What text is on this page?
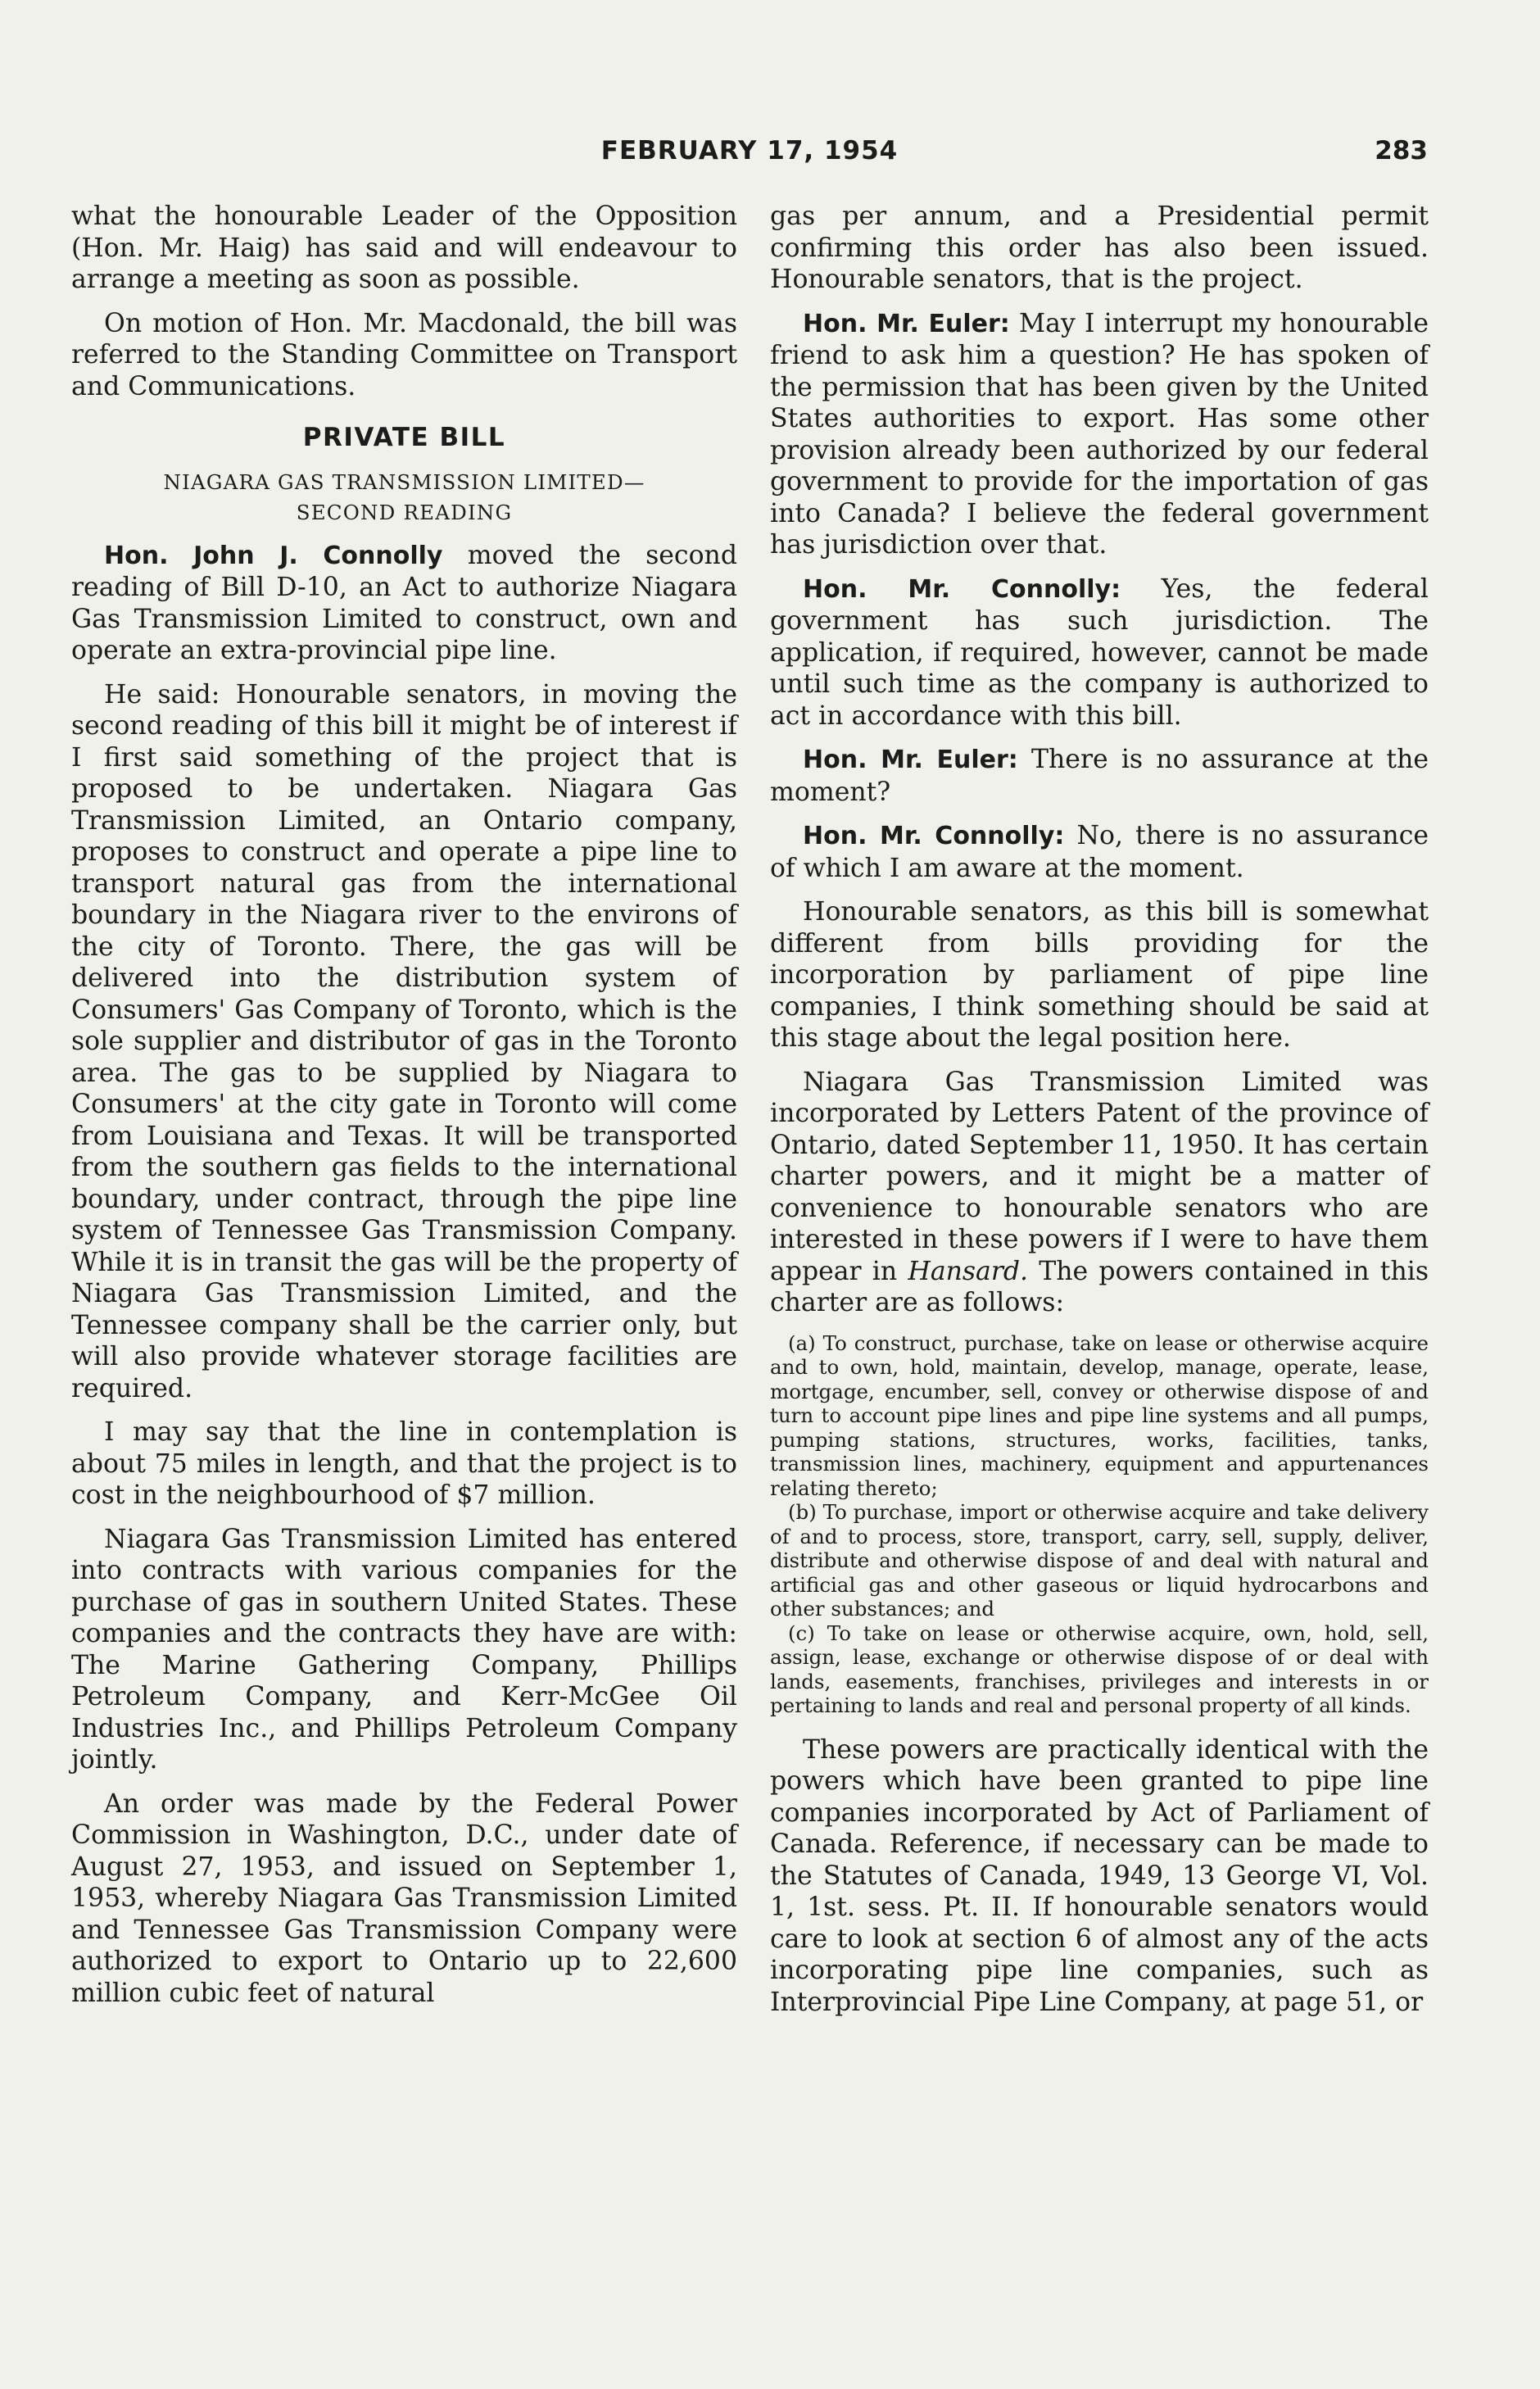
FEBRUARY 17, 1954	283

what the honourable Leader of the Opposition (Hon. Mr. Haig) has said and will endeavour to arrange a meeting as soon as possible.

On motion of Hon. Mr. Macdonald, the bill was referred to the Standing Committee on Transport and Communications.

PRIVATE BILL
NIAGARA GAS TRANSMISSION LIMITED—
SECOND READING

Hon. John J. Connolly moved the second reading of Bill D-10, an Act to authorize Niagara Gas Transmission Limited to construct, own and operate an extra-provincial pipe line.

He said: Honourable senators, in moving the second reading of this bill it might be of interest if I first said something of the project that is proposed to be undertaken. Niagara Gas Transmission Limited, an Ontario company, proposes to construct and operate a pipe line to transport natural gas from the international boundary in the Niagara river to the environs of the city of Toronto. There, the gas will be delivered into the distribution system of Consumers' Gas Company of Toronto, which is the sole supplier and distributor of gas in the Toronto area. The gas to be supplied by Niagara to Consumers' at the city gate in Toronto will come from Louisiana and Texas. It will be transported from the southern gas fields to the international boundary, under contract, through the pipe line system of Tennessee Gas Transmission Company. While it is in transit the gas will be the property of Niagara Gas Transmission Limited, and the Tennessee company shall be the carrier only, but will also provide whatever storage facilities are required.

I may say that the line in contemplation is about 75 miles in length, and that the project is to cost in the neighbourhood of $7 million.

Niagara Gas Transmission Limited has entered into contracts with various companies for the purchase of gas in southern United States. These companies and the contracts they have are with: The Marine Gathering Company, Phillips Petroleum Company, and Kerr-McGee Oil Industries Inc., and Phillips Petroleum Company jointly.

An order was made by the Federal Power Commission in Washington, D.C., under date of August 27, 1953, and issued on September 1, 1953, whereby Niagara Gas Transmission Limited and Tennessee Gas Transmission Company were authorized to export to Ontario up to 22,600 million cubic feet of natural

gas per annum, and a Presidential permit confirming this order has also been issued. Honourable senators, that is the project.

Hon. Mr. Euler: May I interrupt my honourable friend to ask him a question? He has spoken of the permission that has been given by the United States authorities to export. Has some other provision already been authorized by our federal government to provide for the importation of gas into Canada? I believe the federal government has jurisdiction over that.

Hon. Mr. Connolly: Yes, the federal government has such jurisdiction. The application, if required, however, cannot be made until such time as the company is authorized to act in accordance with this bill.

Hon. Mr. Euler: There is no assurance at the moment?

Hon. Mr. Connolly: No, there is no assurance of which I am aware at the moment.

Honourable senators, as this bill is somewhat different from bills providing for the incorporation by parliament of pipe line companies, I think something should be said at this stage about the legal position here.

Niagara Gas Transmission Limited was incorporated by Letters Patent of the province of Ontario, dated September 11, 1950. It has certain charter powers, and it might be a matter of convenience to honourable senators who are interested in these powers if I were to have them appear in Hansard. The powers contained in this charter are as follows:

(a) To construct, purchase, take on lease or otherwise acquire and to own, hold, maintain, develop, manage, operate, lease, mortgage, encumber, sell, convey or otherwise dispose of and turn to account pipe lines and pipe line systems and all pumps, pumping stations, structures, works, facilities, tanks, transmission lines, machinery, equipment and appurtenances relating thereto;

(b) To purchase, import or otherwise acquire and take delivery of and to process, store, transport, carry, sell, supply, deliver, distribute and otherwise dispose of and deal with natural and artificial gas and other gaseous or liquid hydrocarbons and other substances; and

(c) To take on lease or otherwise acquire, own, hold, sell, assign, lease, exchange or otherwise dispose of or deal with lands, easements, franchises, privileges and interests in or pertaining to lands and real and personal property of all kinds.

These powers are practically identical with the powers which have been granted to pipe line companies incorporated by Act of Parliament of Canada. Reference, if necessary can be made to the Statutes of Canada, 1949, 13 George VI, Vol. 1, 1st. sess. Pt. II. If honourable senators would care to look at section 6 of almost any of the acts incorporating pipe line companies, such as Interprovincial Pipe Line Company, at page 51, or
